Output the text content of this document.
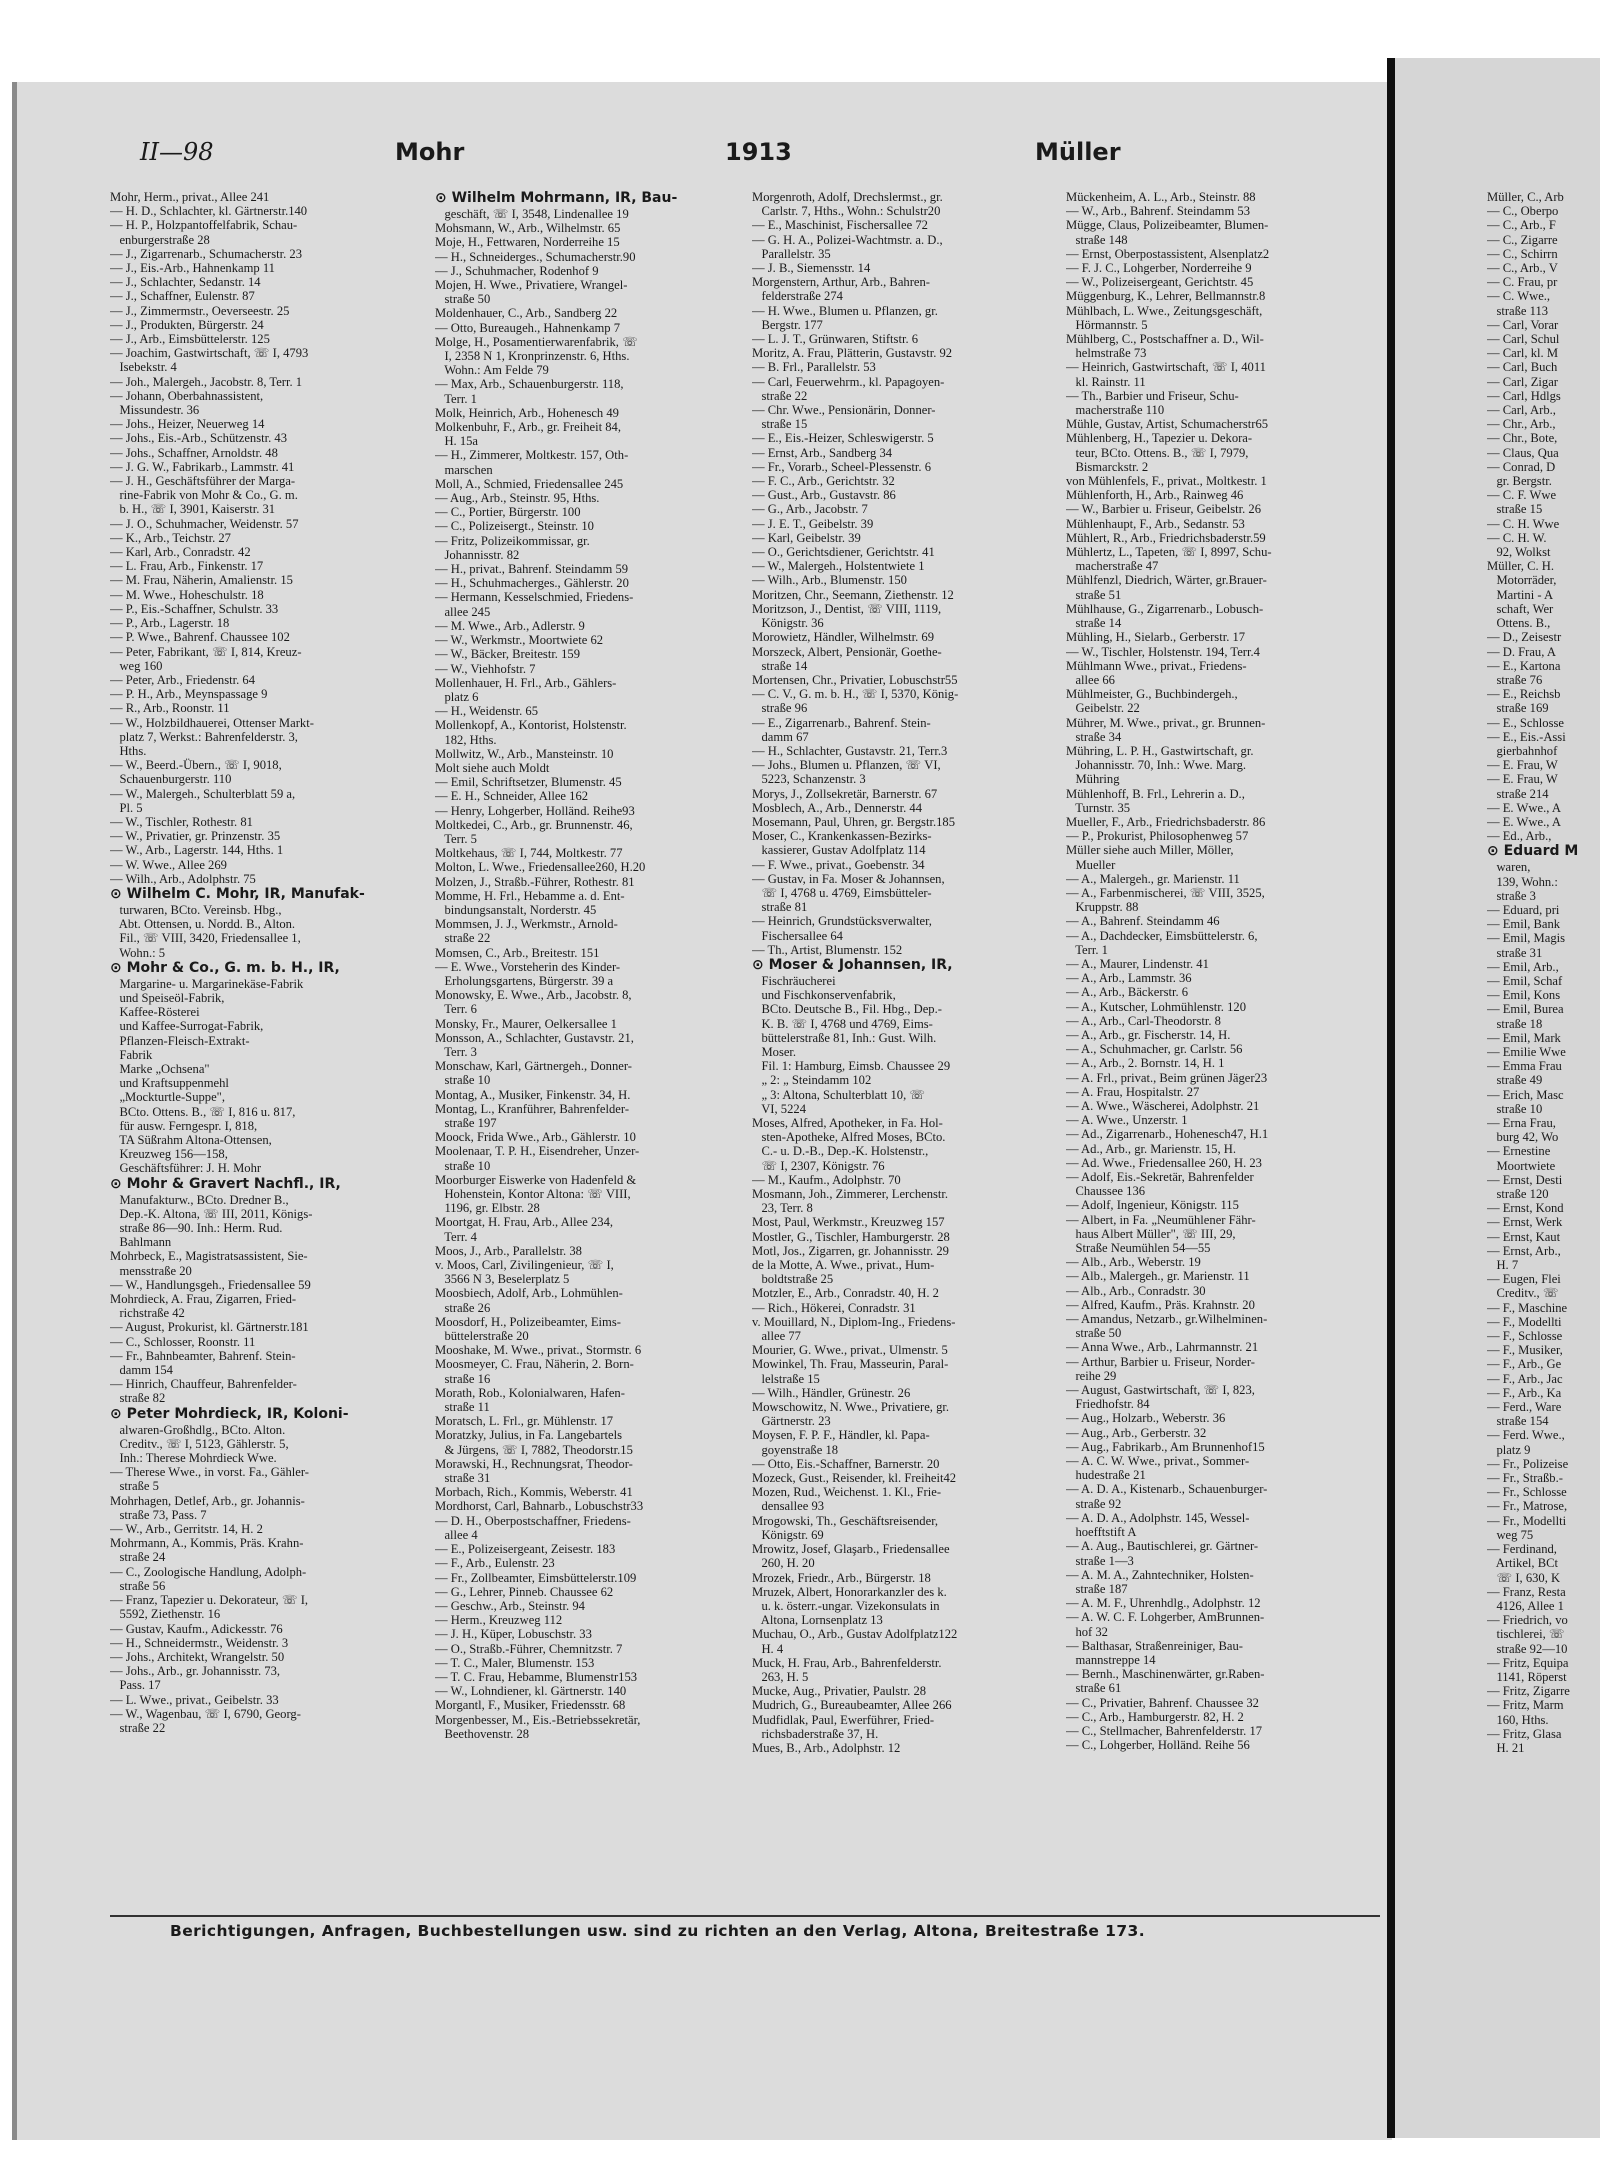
II—98	Mohr	1913	Müller
Mohr, Herm., privat., Allee 241
— H. D., Schlachter, kl. Gärtnerstr.140
— H. P., Holzpantoffelfabrik, Schau-
enburgerstraße 28
— J., Zigarrenarb., Schumacherstr. 23
— J., Eis.-Arb., Hahnenkamp 11
— J., Schlachter, Sedanstr. 14
— J., Schaffner, Eulenstr. 87
— J., Zimmermstr., Oeverseestr. 25
— J., Produkten, Bürgerstr. 24
— J., Arb., Eimsbüttelerstr. 125
— Joachim, Gastwirtschaft, ☏ I, 4793
Isebekstr. 4
— Joh., Malergeh., Jacobstr. 8, Terr. 1
— Johann, Oberbahnassistent,
Missundestr. 36
— Johs., Heizer, Neuerweg 14
— Johs., Eis.-Arb., Schützenstr. 43
— Johs., Schaffner, Arnoldstr. 48
— J. G. W., Fabrikarb., Lammstr. 41
— J. H., Geschäftsführer der Marga-
rine-Fabrik von Mohr & Co., G. m.
b. H., ☏ I, 3901, Kaiserstr. 31
— J. O., Schuhmacher, Weidenstr. 57
— K., Arb., Teichstr. 27
— Karl, Arb., Conradstr. 42
— L. Frau, Arb., Finkenstr. 17
— M. Frau, Näherin, Amalienstr. 15
— M. Wwe., Hoheschulstr. 18
— P., Eis.-Schaffner, Schulstr. 33
— P., Arb., Lagerstr. 18
— P. Wwe., Bahrenf. Chaussee 102
— Peter, Fabrikant, ☏ I, 814, Kreuz-
weg 160
— Peter, Arb., Friedenstr. 64
— P. H., Arb., Meynspassage 9
— R., Arb., Roonstr. 11
— W., Holzbildhauerei, Ottenser Markt-
platz 7, Werkst.: Bahrenfelderstr. 3,
Hths.
— W., Beerd.-Übern., ☏ I, 9018,
Schauenburgerstr. 110
— W., Malergeh., Schulterblatt 59 a,
Pl. 5
— W., Tischler, Rothestr. 81
— W., Privatier, gr. Prinzenstr. 35
— W., Arb., Lagerstr. 144, Hths. 1
— W. Wwe., Allee 269
— Wilh., Arb., Adolphstr. 75
⊙ Wilhelm C. Mohr, IR, Manufak-
turwaren, BCto. Vereinsb. Hbg.,
Abt. Ottensen, u. Nordd. B., Alton.
Fil., ☏ VIII, 3420, Friedensallee 1,
Wohn.: 5
⊙ Mohr & Co., G. m. b. H., IR,
Margarine- u. Margarinekäse-Fabrik
und Speiseöl-Fabrik,
Kaffee-Rösterei
und Kaffee-Surrogat-Fabrik,
Pflanzen-Fleisch-Extrakt-
Fabrik
Marke „Ochsena"
und Kraftsuppenmehl
„Mockturtle-Suppe",
BCto. Ottens. B., ☏ I, 816 u. 817,
für ausw. Ferngespr. I, 818,
TA Süßrahm Altona-Ottensen,
Kreuzweg 156—158,
Geschäftsführer: J. H. Mohr
⊙ Mohr & Gravert Nachfl., IR,
Manufakturw., BCto. Dredner B.,
Dep.-K. Altona, ☏ III, 2011, Königs-
straße 86—90. Inh.: Herm. Rud.
Bahlmann
Mohrbeck, E., Magistratsassistent, Sie-
mensstraße 20
— W., Handlungsgeh., Friedensallee 59
Mohrdieck, A. Frau, Zigarren, Fried-
richstraße 42
— August, Prokurist, kl. Gärtnerstr.181
— C., Schlosser, Roonstr. 11
— Fr., Bahnbeamter, Bahrenf. Stein-
damm 154
— Hinrich, Chauffeur, Bahrenfelder-
straße 82
⊙ Peter Mohrdieck, IR, Koloni-
alwaren-Großhdlg., BCto. Alton.
Creditv., ☏ I, 5123, Gählerstr. 5,
Inh.: Therese Mohrdieck Wwe.
— Therese Wwe., in vorst. Fa., Gähler-
straße 5
Mohrhagen, Detlef, Arb., gr. Johannis-
straße 73, Pass. 7
— W., Arb., Gerritstr. 14, H. 2
Mohrmann, A., Kommis, Präs. Krahn-
straße 24
— C., Zoologische Handlung, Adolph-
straße 56
— Franz, Tapezier u. Dekorateur, ☏ I,
5592, Ziethenstr. 16
— Gustav, Kaufm., Adickesstr. 76
— H., Schneidermstr., Weidenstr. 3
— Johs., Architekt, Wrangelstr. 50
— Johs., Arb., gr. Johannisstr. 73,
Pass. 17
— L. Wwe., privat., Geibelstr. 33
— W., Wagenbau, ☏ I, 6790, Georg-
straße 22
⊙ Wilhelm Mohrmann, IR, Bau-
geschäft, ☏ I, 3548, Lindenallee 19
Mohsmann, W., Arb., Wilhelmstr. 65
Moje, H., Fettwaren, Norderreihe 15
— H., Schneiderges., Schumacherstr.90
— J., Schuhmacher, Rodenhof 9
Mojen, H. Wwe., Privatiere, Wrangel-
straße 50
Moldenhauer, C., Arb., Sandberg 22
— Otto, Bureaugeh., Hahnenkamp 7
Molge, H., Posamentierwarenfabrik, ☏
I, 2358 N 1, Kronprinzenstr. 6, Hths.
Wohn.: Am Felde 79
— Max, Arb., Schauenburgerstr. 118,
Terr. 1
Molk, Heinrich, Arb., Hohenesch 49
Molkenbuhr, F., Arb., gr. Freiheit 84,
H. 15a
— H., Zimmerer, Moltkestr. 157, Oth-
marschen
Moll, A., Schmied, Friedensallee 245
— Aug., Arb., Steinstr. 95, Hths.
— C., Portier, Bürgerstr. 100
— C., Polizeisergt., Steinstr. 10
— Fritz, Polizeikommissar, gr.
Johannisstr. 82
— H., privat., Bahrenf. Steindamm 59
— H., Schuhmacherges., Gählerstr. 20
— Hermann, Kesselschmied, Friedens-
allee 245
— M. Wwe., Arb., Adlerstr. 9
— W., Werkmstr., Moortwiete 62
— W., Bäcker, Breitestr. 159
— W., Viehhofstr. 7
Mollenhauer, H. Frl., Arb., Gählers-
platz 6
— H., Weidenstr. 65
Mollenkopf, A., Kontorist, Holstenstr.
182, Hths.
Mollwitz, W., Arb., Mansteinstr. 10
Molt siehe auch Moldt
— Emil, Schriftsetzer, Blumenstr. 45
— E. H., Schneider, Allee 162
— Henry, Lohgerber, Holländ. Reihe93
Moltkedei, C., Arb., gr. Brunnenstr. 46,
Terr. 5
Moltkehaus, ☏ I, 744, Moltkestr. 77
Molton, L. Wwe., Friedensallee260, H.20
Molzen, J., Straßb.-Führer, Rothestr. 81
Momme, H. Frl., Hebamme a. d. Ent-
bindungsanstalt, Norderstr. 45
Mommsen, J. J., Werkmstr., Arnold-
straße 22
Momsen, C., Arb., Breitestr. 151
— E. Wwe., Vorsteherin des Kinder-
Erholungsgartens, Bürgerstr. 39 a
Monowsky, E. Wwe., Arb., Jacobstr. 8,
Terr. 6
Monsky, Fr., Maurer, Oelkersallee 1
Monsson, A., Schlachter, Gustavstr. 21,
Terr. 3
Monschaw, Karl, Gärtnergeh., Donner-
straße 10
Montag, A., Musiker, Finkenstr. 34, H.
Montag, L., Kranführer, Bahrenfelder-
straße 197
Moock, Frida Wwe., Arb., Gählerstr. 10
Moolenaar, T. P. H., Eisendreher, Unzer-
straße 10
Moorburger Eiswerke von Hadenfeld &
Hohenstein, Kontor Altona: ☏ VIII,
1196, gr. Elbstr. 28
Moortgat, H. Frau, Arb., Allee 234,
Terr. 4
Moos, J., Arb., Parallelstr. 38
v. Moos, Carl, Zivilingenieur, ☏ I,
3566 N 3, Beselerplatz 5
Moosbiech, Adolf, Arb., Lohmühlen-
straße 26
Moosdorf, H., Polizeibeamter, Eims-
büttelerstraße 20
Mooshake, M. Wwe., privat., Stormstr. 6
Moosmeyer, C. Frau, Näherin, 2. Born-
straße 16
Morath, Rob., Kolonialwaren, Hafen-
straße 11
Moratsch, L. Frl., gr. Mühlenstr. 17
Moratzky, Julius, in Fa. Langebartels
& Jürgens, ☏ I, 7882, Theodorstr.15
Morawski, H., Rechnungsrat, Theodor-
straße 31
Morbach, Rich., Kommis, Weberstr. 41
Mordhorst, Carl, Bahnarb., Lobuschstr33
— D. H., Oberpostschaffner, Friedens-
allee 4
— E., Polizeisergeant, Zeisestr. 183
— F., Arb., Eulenstr. 23
— Fr., Zollbeamter, Eimsbüttelerstr.109
— G., Lehrer, Pinneb. Chaussee 62
— Geschw., Arb., Steinstr. 94
— Herm., Kreuzweg 112
— J. H., Küper, Lobuschstr. 33
— O., Straßb.-Führer, Chemnitzstr. 7
— T. C., Maler, Blumenstr. 153
— T. C. Frau, Hebamme, Blumenstr153
— W., Lohndiener, kl. Gärtnerstr. 140
Morgantl, F., Musiker, Friedensstr. 68
Morgenbesser, M., Eis.-Betriebssekretär,
Beethovenstr. 28
Morgenroth, Adolf, Drechslermst., gr.
Carlstr. 7, Hths., Wohn.: Schulstr20
— E., Maschinist, Fischersallee 72
— G. H. A., Polizei-Wachtmstr. a. D.,
Parallelstr. 35
— J. B., Siemensstr. 14
Morgenstern, Arthur, Arb., Bahren-
felderstraße 274
— H. Wwe., Blumen u. Pflanzen, gr.
Bergstr. 177
— L. J. T., Grünwaren, Stiftstr. 6
Moritz, A. Frau, Plätterin, Gustavstr. 92
— B. Frl., Parallelstr. 53
— Carl, Feuerwehrm., kl. Papagoyen-
straße 22
— Chr. Wwe., Pensionärin, Donner-
straße 15
— E., Eis.-Heizer, Schleswigerstr. 5
— Ernst, Arb., Sandberg 34
— Fr., Vorarb., Scheel-Plessenstr. 6
— F. C., Arb., Gerichtstr. 32
— Gust., Arb., Gustavstr. 86
— G., Arb., Jacobstr. 7
— J. E. T., Geibelstr. 39
— Karl, Geibelstr. 39
— O., Gerichtsdiener, Gerichtstr. 41
— W., Malergeh., Holstentwiete 1
— Wilh., Arb., Blumenstr. 150
Moritzen, Chr., Seemann, Ziethenstr. 12
Moritzson, J., Dentist, ☏ VIII, 1119,
Königstr. 36
Morowietz, Händler, Wilhelmstr. 69
Morszeck, Albert, Pensionär, Goethe-
straße 14
Mortensen, Chr., Privatier, Lobuschstr55
— C. V., G. m. b. H., ☏ I, 5370, König-
straße 96
— E., Zigarrenarb., Bahrenf. Stein-
damm 67
— H., Schlachter, Gustavstr. 21, Terr.3
— Johs., Blumen u. Pflanzen, ☏ VI,
5223, Schanzenstr. 3
Morys, J., Zollsekretär, Barnerstr. 67
Mosblech, A., Arb., Dennerstr. 44
Mosemann, Paul, Uhren, gr. Bergstr.185
Moser, C., Krankenkassen-Bezirks-
kassierer, Gustav Adolfplatz 114
— F. Wwe., privat., Goebenstr. 34
— Gustav, in Fa. Moser & Johannsen,
☏ I, 4768 u. 4769, Eimsbütteler-
straße 81
— Heinrich, Grundstücksverwalter,
Fischersallee 64
— Th., Artist, Blumenstr. 152
⊙ Moser & Johannsen, IR,
Fischräucherei
und Fischkonservenfabrik,
BCto. Deutsche B., Fil. Hbg., Dep.-
K. B. ☏ I, 4768 und 4769, Eims-
büttelerstraße 81, Inh.: Gust. Wilh.
Moser.
Fil. 1: Hamburg, Eimsb. Chaussee 29
„ 2: „ Steindamm 102
„ 3: Altona, Schulterblatt 10, ☏
VI, 5224
Moses, Alfred, Apotheker, in Fa. Hol-
sten-Apotheke, Alfred Moses, BCto.
C.- u. D.-B., Dep.-K. Holstenstr.,
☏ I, 2307, Königstr. 76
— M., Kaufm., Adolphstr. 70
Mosmann, Joh., Zimmerer, Lerchenstr.
23, Terr. 8
Most, Paul, Werkmstr., Kreuzweg 157
Mostler, G., Tischler, Hamburgerstr. 28
Motl, Jos., Zigarren, gr. Johannisstr. 29
de la Motte, A. Wwe., privat., Hum-
boldtstraße 25
Motzler, E., Arb., Conradstr. 40, H. 2
— Rich., Hökerei, Conradstr. 31
v. Mouillard, N., Diplom-Ing., Friedens-
allee 77
Mourier, G. Wwe., privat., Ulmenstr. 5
Mowinkel, Th. Frau, Masseurin, Paral-
lelstraße 15
— Wilh., Händler, Grünestr. 26
Mowschowitz, N. Wwe., Privatiere, gr.
Gärtnerstr. 23
Moysen, F. P. F., Händler, kl. Papa-
goyenstraße 18
— Otto, Eis.-Schaffner, Barnerstr. 20
Mozeck, Gust., Reisender, kl. Freiheit42
Mozen, Rud., Weichenst. 1. Kl., Frie-
densallee 93
Mrogowski, Th., Geschäftsreisender,
Königstr. 69
Mrowitz, Josef, Glaşarb., Friedensallee
260, H. 20
Mrozek, Friedr., Arb., Bürgerstr. 18
Mruzek, Albert, Honorarkanzler des k.
u. k. österr.-ungar. Vizekonsulats in
Altona, Lornsenplatz 13
Muchau, O., Arb., Gustav Adolfplatz122
H. 4
Muck, H. Frau, Arb., Bahrenfelderstr.
263, H. 5
Mucke, Aug., Privatier, Paulstr. 28
Mudrich, G., Bureaubeamter, Allee 266
Mudfidlak, Paul, Ewerführer, Fried-
richsbaderstraße 37, H.
Mues, B., Arb., Adolphstr. 12
Mückenheim, A. L., Arb., Steinstr. 88
— W., Arb., Bahrenf. Steindamm 53
Mügge, Claus, Polizeibeamter, Blumen-
straße 148
— Ernst, Oberpostassistent, Alsenplatz2
— F. J. C., Lohgerber, Norderreihe 9
— W., Polizeisergeant, Gerichtstr. 45
Müggenburg, K., Lehrer, Bellmannstr.8
Mühlbach, L. Wwe., Zeitungsgeschäft,
Hörmannstr. 5
Mühlberg, C., Postschaffner a. D., Wil-
helmstraße 73
— Heinrich, Gastwirtschaft, ☏ I, 4011
kl. Rainstr. 11
— Th., Barbier und Friseur, Schu-
macherstraße 110
Mühle, Gustav, Artist, Schumacherstr65
Mühlenberg, H., Tapezier u. Dekora-
teur, BCto. Ottens. B., ☏ I, 7979,
Bismarckstr. 2
von Mühlenfels, F., privat., Moltkestr. 1
Mühlenforth, H., Arb., Rainweg 46
— W., Barbier u. Friseur, Geibelstr. 26
Mühlenhaupt, F., Arb., Sedanstr. 53
Mühlert, R., Arb., Friedrichsbaderstr.59
Mühlertz, L., Tapeten, ☏ I, 8997, Schu-
macherstraße 47
Mühlfenzl, Diedrich, Wärter, gr.Brauer-
straße 51
Mühlhause, G., Zigarrenarb., Lobusch-
straße 14
Mühling, H., Sielarb., Gerberstr. 17
— W., Tischler, Holstenstr. 194, Terr.4
Mühlmann Wwe., privat., Friedens-
allee 66
Mühlmeister, G., Buchbindergeh.,
Geibelstr. 22
Mührer, M. Wwe., privat., gr. Brunnen-
straße 34
Mühring, L. P. H., Gastwirtschaft, gr.
Johannisstr. 70, Inh.: Wwe. Marg.
Mühring
Mühlenhoff, B. Frl., Lehrerin a. D.,
Turnstr. 35
Mueller, F., Arb., Friedrichsbaderstr. 86
— P., Prokurist, Philosophenweg 57
Müller siehe auch Miller, Möller,
Mueller
— A., Malergeh., gr. Marienstr. 11
— A., Farbenmischerei, ☏ VIII, 3525,
Kruppstr. 88
— A., Bahrenf. Steindamm 46
— A., Dachdecker, Eimsbüttelerstr. 6,
Terr. 1
— A., Maurer, Lindenstr. 41
— A., Arb., Lammstr. 36
— A., Arb., Bäckerstr. 6
— A., Kutscher, Lohmühlenstr. 120
— A., Arb., Carl-Theodorstr. 8
— A., Arb., gr. Fischerstr. 14, H.
— A., Schuhmacher, gr. Carlstr. 56
— A., Arb., 2. Bornstr. 14, H. 1
— A. Frl., privat., Beim grünen Jäger23
— A. Frau, Hospitalstr. 27
— A. Wwe., Wäscherei, Adolphstr. 21
— A. Wwe., Unzerstr. 1
— Ad., Zigarrenarb., Hohenesch47, H.1
— Ad., Arb., gr. Marienstr. 15, H.
— Ad. Wwe., Friedensallee 260, H. 23
— Adolf, Eis.-Sekretär, Bahrenfelder
Chaussee 136
— Adolf, Ingenieur, Königstr. 115
— Albert, in Fa. „Neumühlener Fähr-
haus Albert Müller", ☏ III, 29,
Straße Neumühlen 54—55
— Alb., Arb., Weberstr. 19
— Alb., Malergeh., gr. Marienstr. 11
— Alb., Arb., Conradstr. 30
— Alfred, Kaufm., Präs. Krahnstr. 20
— Amandus, Netzarb., gr.Wilhelminen-
straße 50
— Anna Wwe., Arb., Lahrmannstr. 21
— Arthur, Barbier u. Friseur, Norder-
reihe 29
— August, Gastwirtschaft, ☏ I, 823,
Friedhofstr. 84
— Aug., Holzarb., Weberstr. 36
— Aug., Arb., Gerberstr. 32
— Aug., Fabrikarb., Am Brunnenhof15
— A. C. W. Wwe., privat., Sommer-
hudestraße 21
— A. D. A., Kistenarb., Schauenburger-
straße 92
— A. D. A., Adolphstr. 145, Wessel-
hoefftstift A
— A. Aug., Bautischlerei, gr. Gärtner-
straße 1—3
— A. M. A., Zahntechniker, Holsten-
straße 187
— A. M. F., Uhrenhdlg., Adolphstr. 12
— A. W. C. F. Lohgerber, AmBrunnen-
hof 32
— Balthasar, Straßenreiniger, Bau-
mannstreppe 14
— Bernh., Maschinenwärter, gr.Raben-
straße 61
— C., Privatier, Bahrenf. Chaussee 32
— C., Arb., Hamburgerstr. 82, H. 2
— C., Stellmacher, Bahrenfelderstr. 17
— C., Lohgerber, Holländ. Reihe 56
Müller, C., Arb
— C., Oberpo
— C., Arb., F
— C., Zigarre
— C., Schirrn
— C., Arb., V
— C. Frau, pr
— C. Wwe.,
straße 113
— Carl, Vorar
— Carl, Schul
— Carl, kl. M
— Carl, Buch
— Carl, Zigar
— Carl, Hdlgs
— Carl, Arb.,
— Chr., Arb.,
— Chr., Bote,
— Claus, Qua
— Conrad, D
gr. Bergstr.
— C. F. Wwe
straße 15
— C. H. Wwe
— C. H. W.
92, Wolkst
Müller, C. H.
Motorräder,
Martini - A
schaft, Wer
Ottens. B.,
— D., Zeisestr
— D. Frau, A
— E., Kartona
straße 76
— E., Reichsb
straße 169
— E., Schlosse
— E., Eis.-Assi
gierbahnhof
— E. Frau, W
— E. Frau, W
straße 214
— E. Wwe., A
— E. Wwe., A
— Ed., Arb.,
⊙ Eduard M
waren,
139, Wohn.:
straße 3
— Eduard, pri
— Emil, Bank
— Emil, Magis
straße 31
— Emil, Arb.,
— Emil, Schaf
— Emil, Kons
— Emil, Burea
straße 18
— Emil, Mark
— Emilie Wwe
— Emma Frau
straße 49
— Erich, Masc
straße 10
— Erna Frau,
burg 42, Wo
— Ernestine
Moortwiete
— Ernst, Desti
straße 120
— Ernst, Kond
— Ernst, Werk
— Ernst, Kaut
— Ernst, Arb.,
H. 7
— Eugen, Flei
Creditv., ☏
— F., Maschine
— F., Modellti
— F., Schlosse
— F., Musiker,
— F., Arb., Ge
— F., Arb., Jac
— F., Arb., Ka
— Ferd., Ware
straße 154
— Ferd. Wwe.,
platz 9
— Fr., Polizeise
— Fr., Straßb.-
— Fr., Schlosse
— Fr., Matrose,
— Fr., Modellti
weg 75
— Ferdinand,
Artikel, BCt
☏ I, 630, K
— Franz, Resta
4126, Allee 1
— Friedrich, vo
tischlerei, ☏
straße 92—10
— Fritz, Equipa
1141, Röperst
— Fritz, Zigarre
— Fritz, Marm
160, Hths.
— Fritz, Glasa
H. 21
Berichtigungen, Anfragen, Buchbestellungen usw. sind zu richten an den Verlag, Altona, Breitestraße 173.
